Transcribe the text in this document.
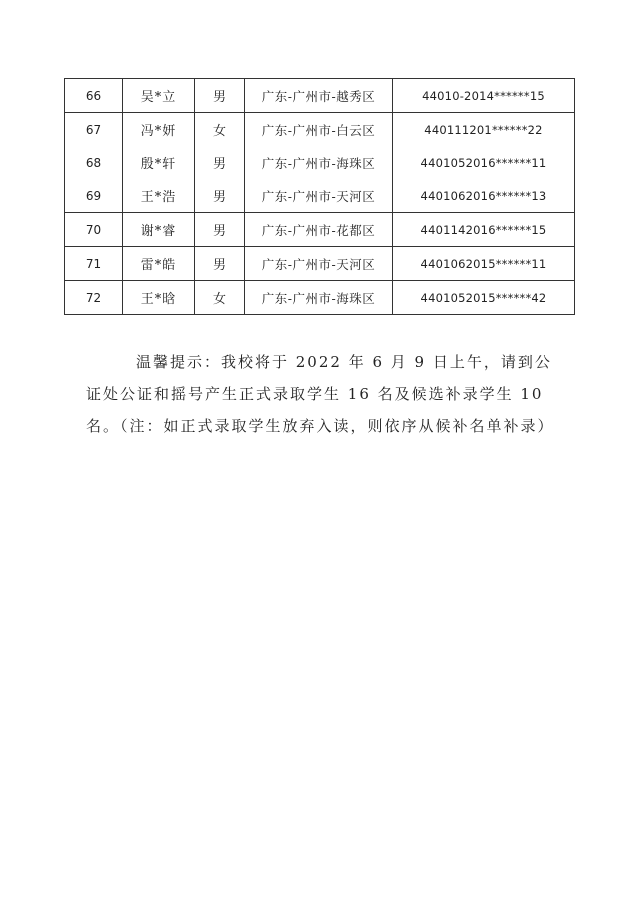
66	吴*立	男	广东-广州市-越秀区	44010-2014******15
67	冯*妍	女	广东-广州市-白云区	440111201******22
68	殷*轩	男	广东-广州市-海珠区	4401052016******11
69	王*浩	男	广东-广州市-天河区	4401062016******13
70	谢*睿	男	广东-广州市-花都区	4401142016******15
71	雷*皓	男	广东-广州市-天河区	4401062015******11
72	王*晗	女	广东-广州市-海珠区	4401052015******42

温馨提示：我校将于 2022 年 6 月 9 日上午，请到公证处公证和摇号产生正式录取学生 16 名及候选补录学生 10 名。（注：如正式录取学生放弃入读，则依序从候补名单补录）
